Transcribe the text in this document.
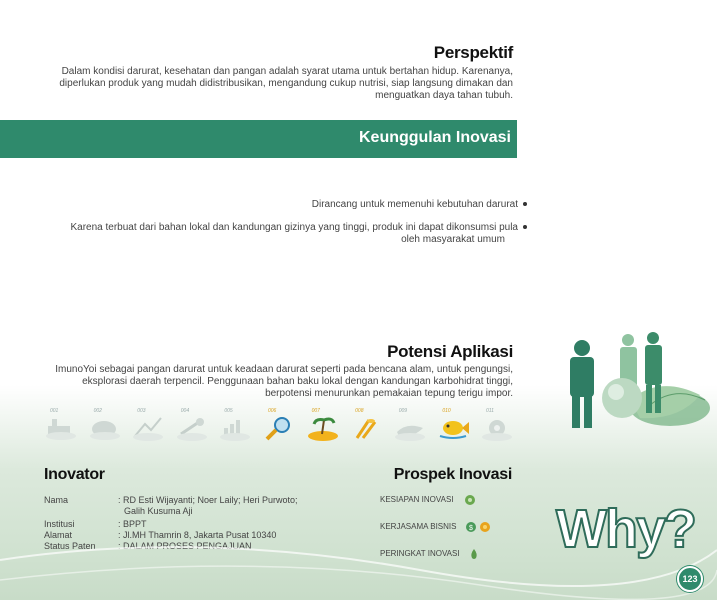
Perspektif
Dalam kondisi darurat, kesehatan dan pangan adalah syarat utama untuk bertahan hidup. Karenanya,
diperlukan produk yang mudah didistribusikan, mengandung cukup nutrisi, siap langsung dimakan dan
menguatkan daya tahan tubuh.
Keunggulan Inovasi
Dirancang untuk memenuhi kebutuhan darurat
Karena terbuat dari bahan lokal dan kandungan gizinya yang tinggi, produk ini dapat dikonsumsi pula
oleh masyarakat umum
Potensi Aplikasi
ImunoYoi sebagai pangan darurat untuk keadaan darurat seperti pada bencana alam, untuk pengungsi,
eksplorasi daerah terpencil. Penggunaan bahan baku lokal dengan kandungan karbohidrat tinggi,
berpotensi menurunkan pemakaian tepung terigu impor.
001	002	003	004	005	006	007	008	009	010	011
Inovator
Nama	: RD Esti Wijayanti; Noer Laily; Heri Purwoto;
Galih Kusuma Aji
Institusi	: BPPT
Alamat	: Jl.MH Thamrin 8, Jakarta Pusat 10340
Status Paten	: DALAM PROSES PENGAJUAN
Prospek Inovasi
KESIAPAN INOVASI
KERJASAMA BISNIS $

PERINGKAT INOVASI	Why?
123
